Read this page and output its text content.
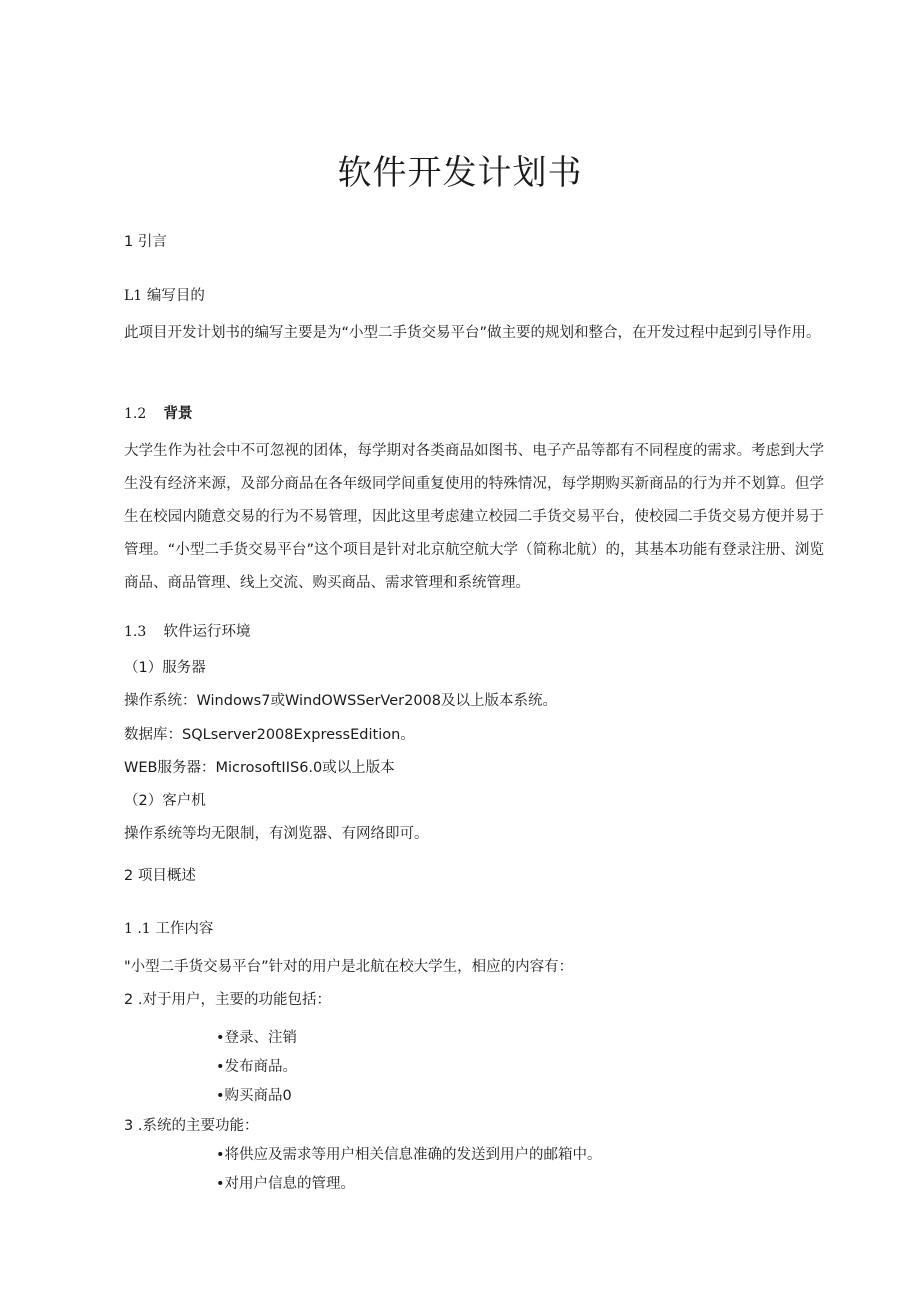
软件开发计划书
1 引言
L1 编写目的
此项目开发计划书的编写主要是为“小型二手货交易平台”做主要的规划和整合，在开发过程中起到引导作用。
1.2 背景
大学生作为社会中不可忽视的团体，每学期对各类商品如图书、电子产品等都有不同程度的需求。考虑到大学生没有经济来源，及部分商品在各年级同学间重复使用的特殊情况，每学期购买新商品的行为并不划算。但学生在校园内随意交易的行为不易管理，因此这里考虑建立校园二手货交易平台，使校园二手货交易方便并易于管理。“小型二手货交易平台”这个项目是针对北京航空航大学（简称北航）的，其基本功能有登录注册、浏览商品、商品管理、线上交流、购买商品、需求管理和系统管理。
1.3 软件运行环境
（1）服务器
操作系统：Windows7或WindOWSSerVer2008及以上版本系统。
数据库：SQLserver2008ExpressEdition。
WEB服务器：MicrosoftIIS6.0或以上版本
（2）客户机
操作系统等均无限制，有浏览器、有网络即可。
2 项目概述
1 .1 工作内容
"小型二手货交易平台”针对的用户是北航在校大学生，相应的内容有：
2 .对于用户，主要的功能包括：
•登录、注销
•发布商品。
•购买商品0
3 .系统的主要功能：
•将供应及需求等用户相关信息准确的发送到用户的邮箱中。
•对用户信息的管理。
